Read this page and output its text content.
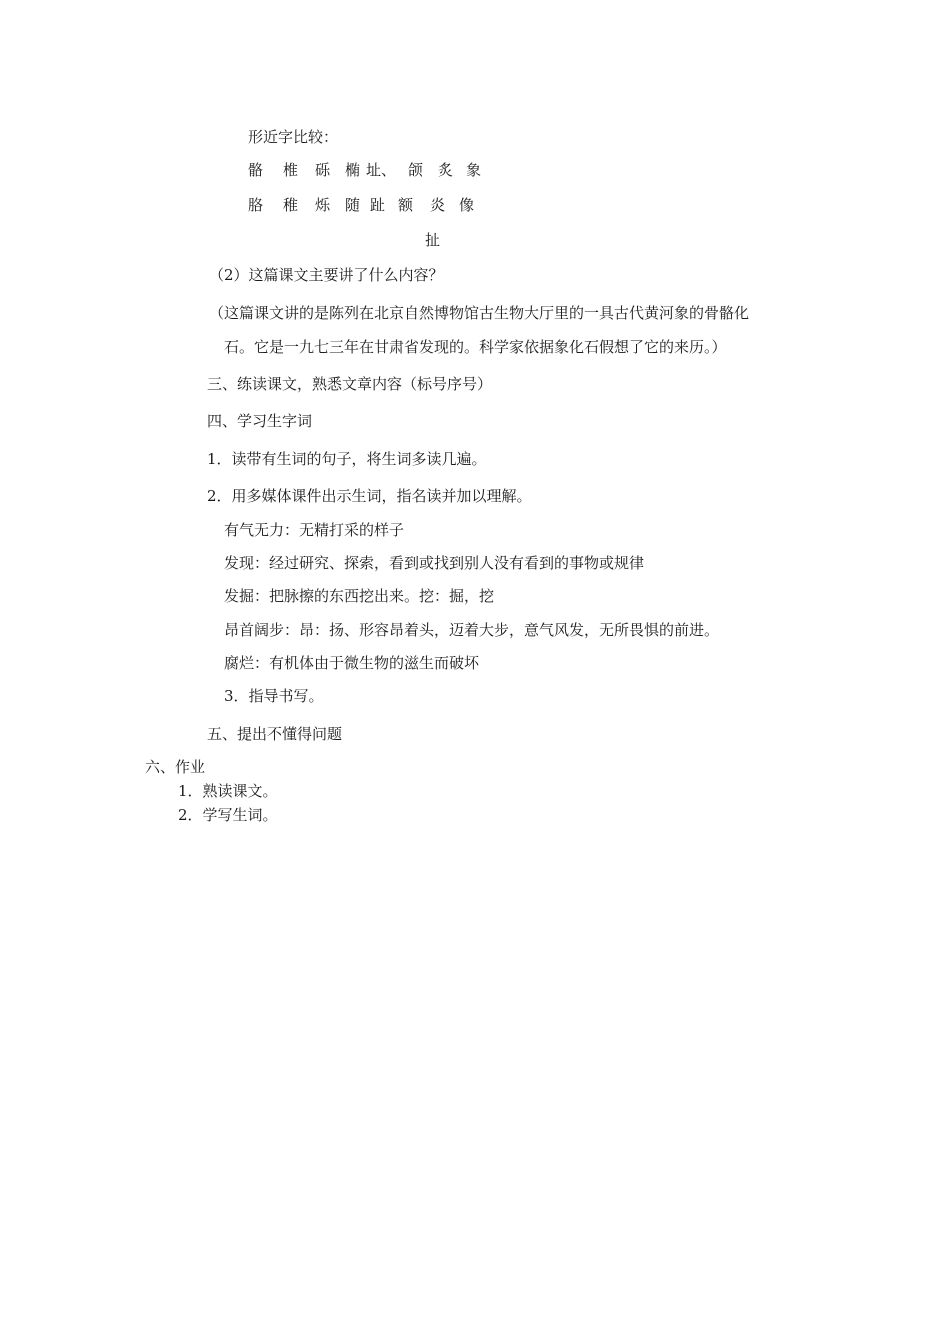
形近字比较：
骼 椎 砾 椭 址、 颌 炙 象
胳 稚 烁 随 趾 额 炎 像
扯
（2）这篇课文主要讲了什么内容？
（这篇课文讲的是陈列在北京自然博物馆古生物大厅里的一具古代黄河象的骨骼化
石。它是一九七三年在甘肃省发现的。科学家依据象化石假想了它的来历。）
三、练读课文，熟悉文章内容（标号序号）
四、学习生字词
1．读带有生词的句子，将生词多读几遍。
2．用多媒体课件出示生词，指名读并加以理解。
有气无力：无精打采的样子
发现：经过研究、探索，看到或找到别人没有看到的事物或规律
发掘：把脉擦的东西挖出来。挖：掘，挖
昂首阔步：昂：扬、形容昂着头，迈着大步，意气风发，无所畏惧的前进。
腐烂：有机体由于微生物的滋生而破坏
3．指导书写。
五、提出不懂得问题
六、作业
1．熟读课文。
2．学写生词。
